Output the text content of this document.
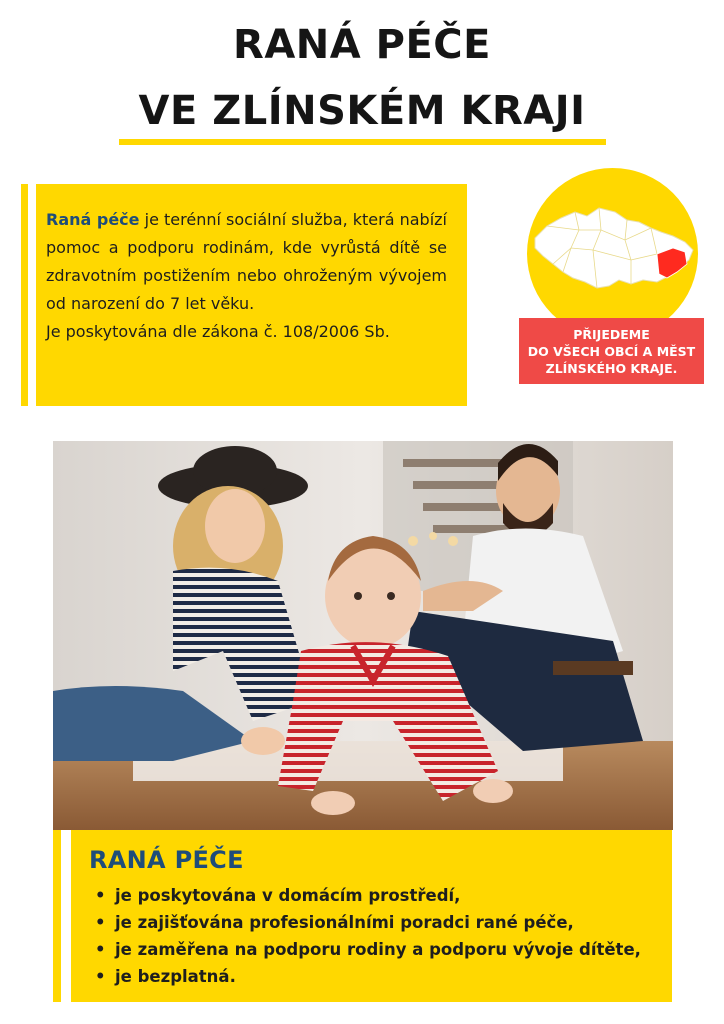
RANÁ PÉČE
VE ZLÍNSKÉM KRAJI

Raná péče je terénní sociální služba, která nabízí pomoc a podporu rodinám, kde vyrůstá dítě se zdravotním postižením nebo ohroženým vývojem od narození do 7 let věku.
Je poskytována dle zákona č. 108/2006 Sb.	PŘIJEDEME
DO VŠECH OBCÍ A MĚST
ZLÍNSKÉHO KRAJE.
RANÁ PÉČE
• je poskytována v domácím prostředí,
• je zajišťována profesionálními poradci rané péče,
• je zaměřena na podporu rodiny a podporu vývoje dítěte,
• je bezplatná.
